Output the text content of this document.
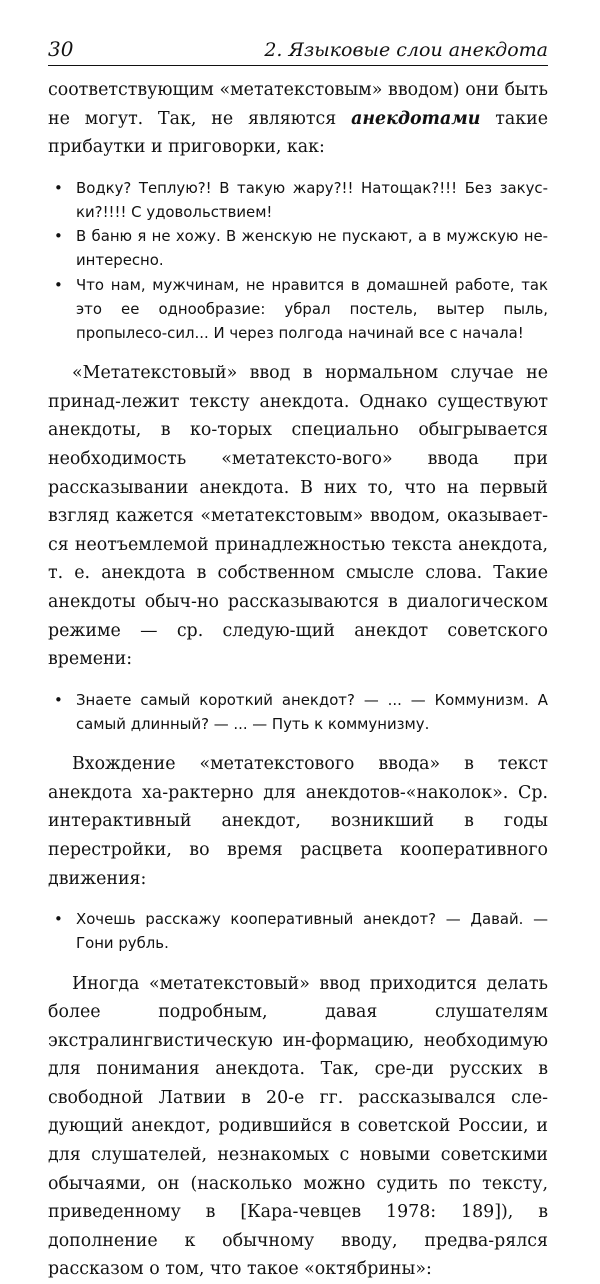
30	2. Языковые слои анекдота

соответствующим «метатекстовым» вводом) они быть не могут. Так, не являются анекдотами такие прибаутки и приговорки, как:

• Водку? Теплую?! В такую жару?!! Натощак?!!! Без закус-ки?!!!! С удовольствием!
• В баню я не хожу. В женскую не пускают, а в мужскую не-интересно.
• Что нам, мужчинам, не нравится в домашней работе, так это ее однообразие: убрал постель, вытер пыль, пропылесо-сил... И через полгода начинай все с начала!

«Метатекстовый» ввод в нормальном случае не принад-лежит тексту анекдота. Однако существуют анекдоты, в ко-торых специально обыгрывается необходимость «метатексто-вого» ввода при рассказывании анекдота. В них то, что на первый взгляд кажется «метатекстовым» вводом, оказывает-ся неотъемлемой принадлежностью текста анекдота, т. е. анекдота в собственном смысле слова. Такие анекдоты обыч-но рассказываются в диалогическом режиме — ср. следую-щий анекдот советского времени:

• Знаете самый короткий анекдот? — ... — Коммунизм. А самый длинный? — ... — Путь к коммунизму.

Вхождение «метатекстового ввода» в текст анекдота ха-рактерно для анекдотов-«наколок». Ср. интерактивный анекдот, возникший в годы перестройки, во время расцвета кооперативного движения:

• Хочешь расскажу кооперативный анекдот? — Давай. — Гони рубль.

Иногда «метатекстовый» ввод приходится делать более подробным, давая слушателям экстралингвистическую ин-формацию, необходимую для понимания анекдота. Так, сре-ди русских в свободной Латвии в 20-е гг. рассказывался сле-дующий анекдот, родившийся в советской России, и для слушателей, незнакомых с новыми советскими обычаями, он (насколько можно судить по тексту, приведенному в [Кара-чевцев 1978: 189]), в дополнение к обычному вводу, предва-рялся рассказом о том, что такое «октябрины»:
